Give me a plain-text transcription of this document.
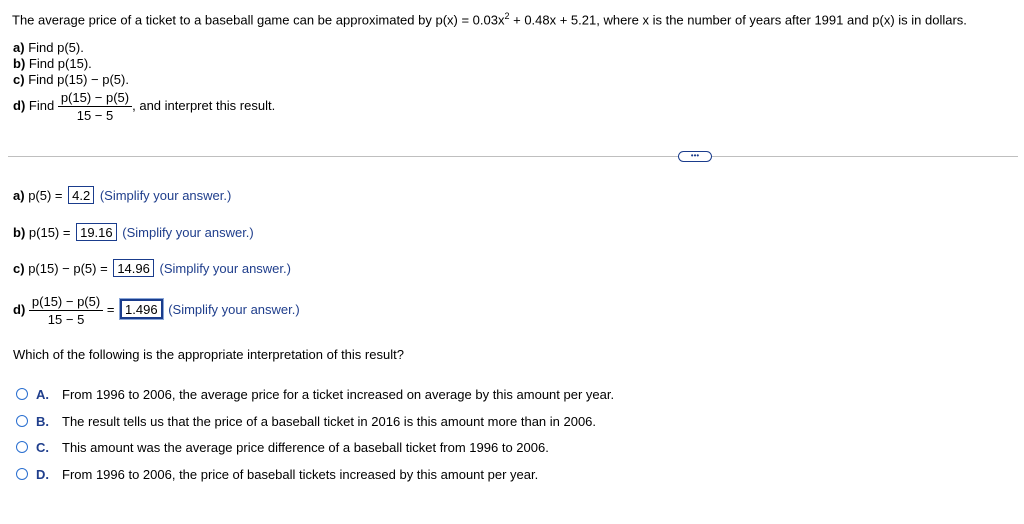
The average price of a ticket to a baseball game can be approximated by $p(x) = 0.03x^2 + 0.48x + 5.21$, where x is the number of years after 1991 and p(x) is in dollars.
a) Find p(5).
b) Find p(15).
c) Find p(15) − p(5).
d) Find $\frac{p(15) - p(5)}{15 - 5}$ , and interpret this result.
•••
a) p(5) = 4.2 (Simplify your answer.)
b) p(15) = 19.16 (Simplify your answer.)
c) p(15) − p(5) = 14.96 (Simplify your answer.)
$d) \frac{p(15) - p(5)}{15 - 5} = 1.496$ (Simplify your answer.)
Which of the following is the appropriate interpretation of this result?
A.	From 1996 to 2006, the average price for a ticket increased on average by this amount per year.
B.	The result tells us that the price of a baseball ticket in 2016 is this amount more than in 2006.
C.	This amount was the average price difference of a baseball ticket from 1996 to 2006.
D.	From 1996 to 2006, the price of baseball tickets increased by this amount per year.
